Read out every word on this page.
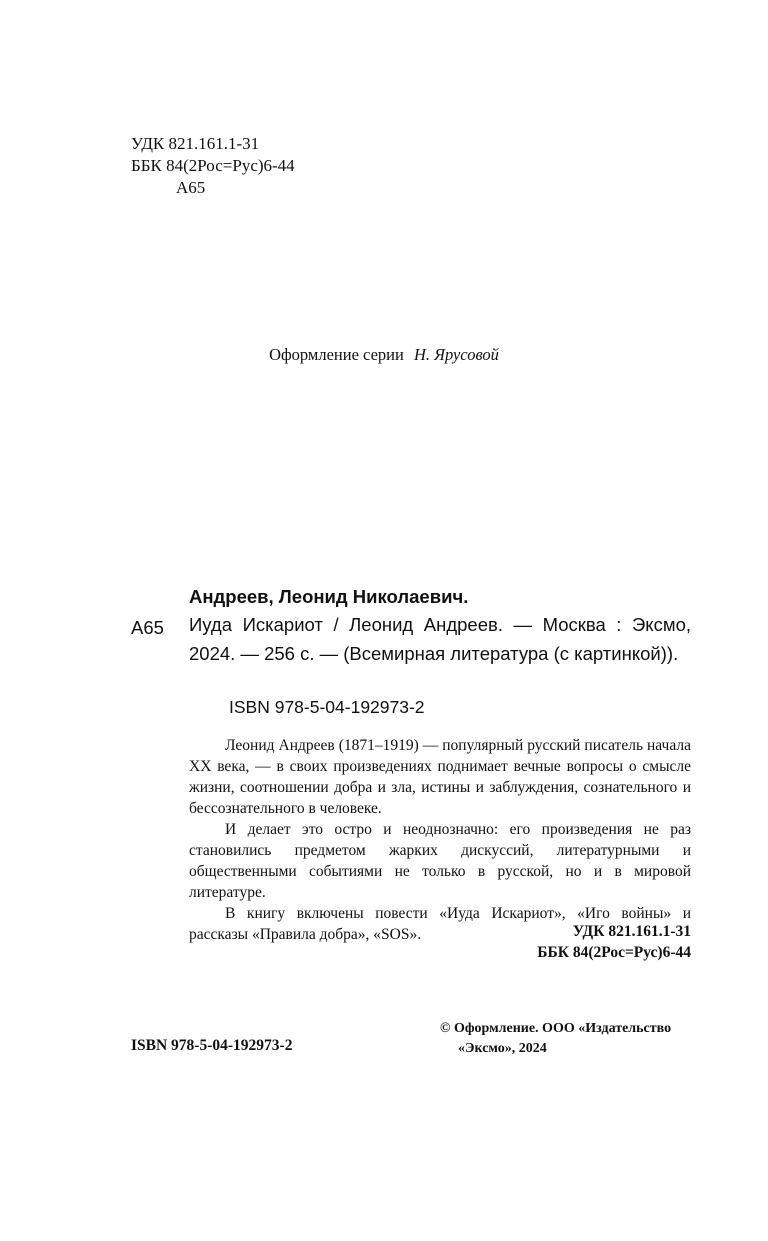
УДК 821.161.1-31
ББК 84(2Рос=Рус)6-44
А65
Оформление серии Н. Ярусовой
А65
Андреев, Леонид Николаевич.
Иуда Искариот / Леонид Андреев. — Москва : Эксмо, 2024. — 256 с. — (Всемирная литература (с картинкой)).
ISBN 978-5-04-192973-2

Леонид Андреев (1871–1919) — популярный русский писатель начала XX века, — в своих произведениях поднимает вечные вопросы о смысле жизни, соотношении добра и зла, истины и заблуждения, сознательного и бессознательного в человеке.

И делает это остро и неоднозначно: его произведения не раз становились предметом жарких дискуссий, литературными и общественными событиями не только в русской, но и в мировой литературе.

В книгу включены повести «Иуда Искариот», «Иго войны» и рассказы «Правила добра», «SOS».	УДК 821.161.1-31
ББК 84(2Рос=Рус)6-44
ISBN 978-5-04-192973-2
© Оформление. ООО «Издательство
«Эксмо», 2024
